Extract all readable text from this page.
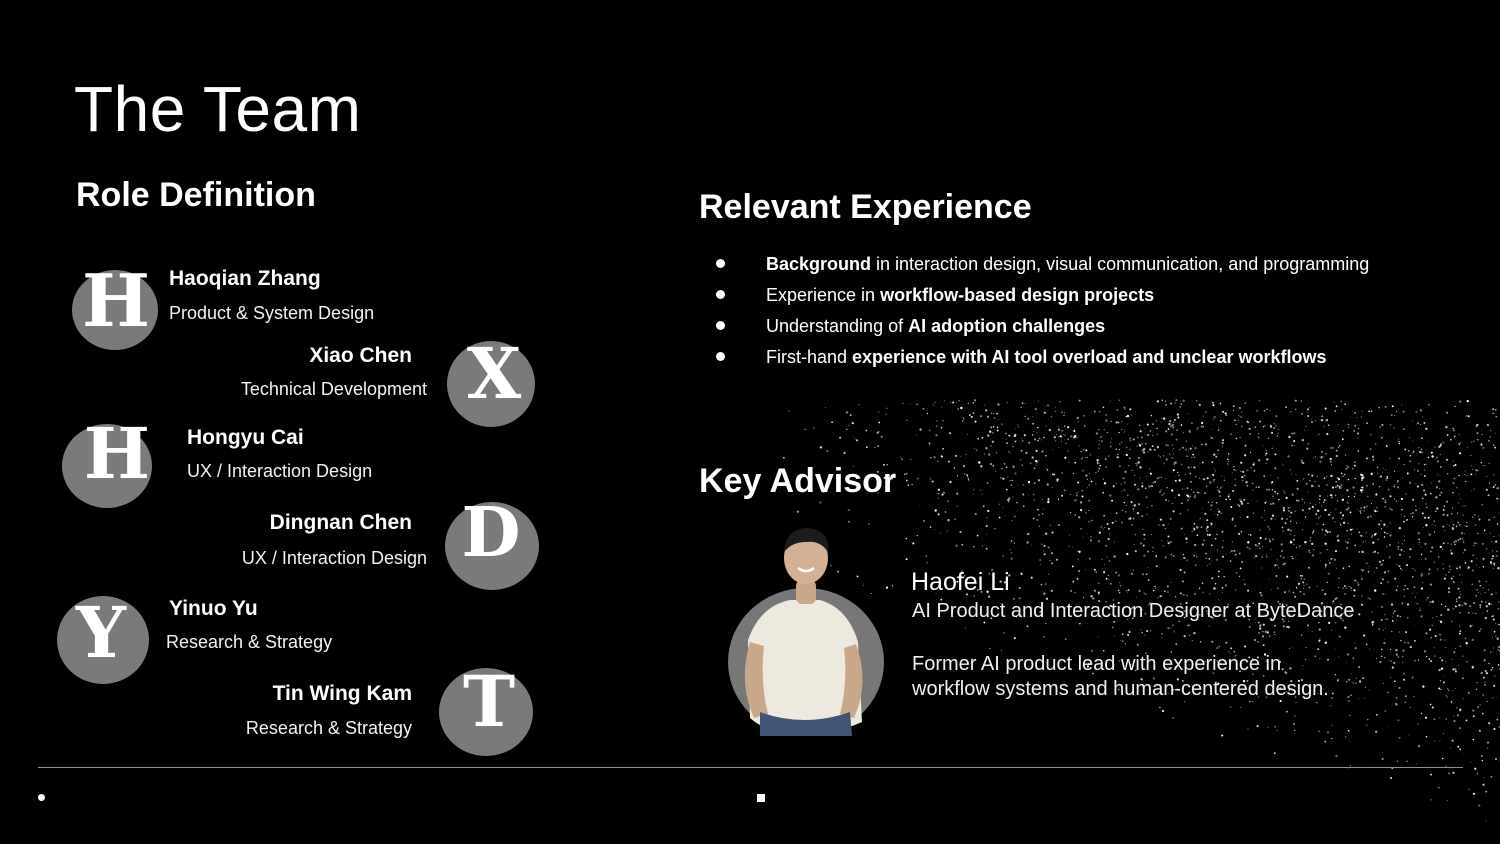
The Team
Role Definition	Relevant Experience
Key Advisor
H Haoqian Zhang
Product & System Design
Xiao Chen
Technical Development X
H Hongyu Cai
UX / Interaction Design
Dingnan Chen
UX / Interaction Design D
Y Yinuo Yu
Research & Strategy
Tin Wing Kam
Research & Strategy T
Background in interaction design, visual communication, and programming
Experience in workflow-based design projects
Understanding of AI adoption challenges
First-hand experience with AI tool overload and unclear workflows
Haofei Li
AI Product and Interaction Designer at ByteDance
Former AI product lead with experience in
workflow systems and human-centered design.
